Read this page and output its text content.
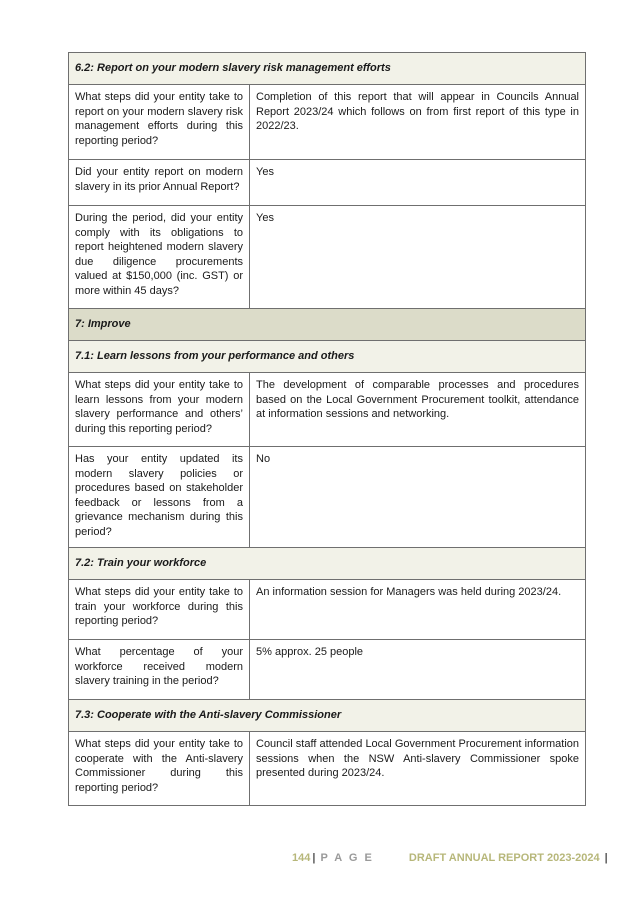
6.2: Report on your modern slavery risk management efforts	
What steps did your entity take to report on your modern slavery risk management efforts during this reporting period?	Completion of this report that will appear in Councils Annual Report 2023/24 which follows on from first report of this type in 2022/23.
Did your entity report on modern slavery in its prior Annual Report?	Yes
During the period, did your entity comply with its obligations to report heightened modern slavery due diligence procurements valued at $150,000 (inc. GST) or more within 45 days?	Yes
7: Improve	
7.1: Learn lessons from your performance and others	
What steps did your entity take to learn lessons from your modern slavery performance and others’ during this reporting period?	The development of comparable processes and procedures based on the Local Government Procurement toolkit, attendance at information sessions and networking.
Has your entity updated its modern slavery policies or procedures based on stakeholder feedback or lessons from a grievance mechanism during this period?	No
7.2: Train your workforce	
What steps did your entity take to train your workforce during this reporting period?	An information session for Managers was held during 2023/24.
What percentage of your workforce received modern slavery training in the period?	5% approx. 25 people
7.3: Cooperate with the Anti-slavery Commissioner	
What steps did your entity take to cooperate with the Anti-slavery Commissioner during this reporting period?	Council staff attended Local Government Procurement information sessions when the NSW Anti-slavery Commissioner spoke presented during 2023/24.
144 | P A G E	DRAFT ANNUAL REPORT 2023-2024 |
